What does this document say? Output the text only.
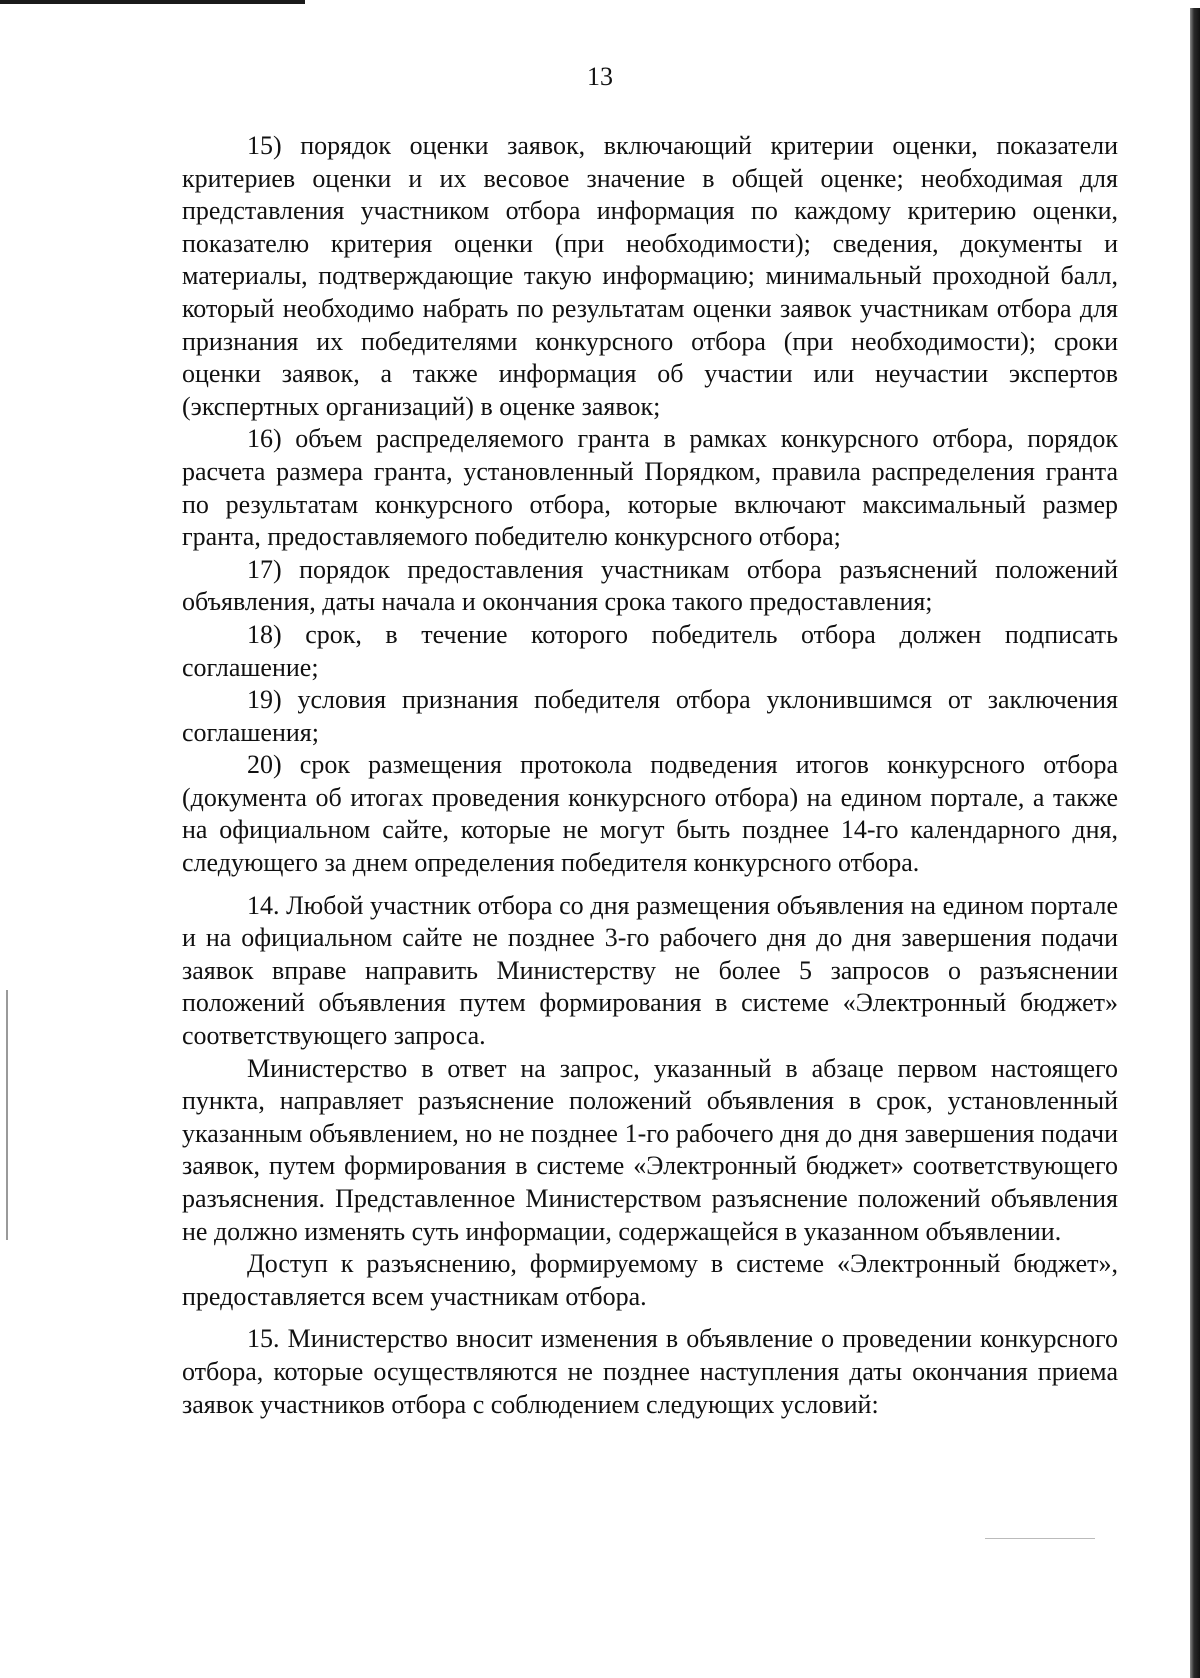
13

15) порядок оценки заявок, включающий критерии оценки, показатели критериев оценки и их весовое значение в общей оценке; необходимая для представления участником отбора информация по каждому критерию оценки, показателю критерия оценки (при необходимости); сведения, документы и материалы, подтверждающие такую информацию; минимальный проходной балл, который необходимо набрать по результатам оценки заявок участникам отбора для признания их победителями конкурсного отбора (при необходимости); сроки оценки заявок, а также информация об участии или неучастии экспертов (экспертных организаций) в оценке заявок;

16) объем распределяемого гранта в рамках конкурсного отбора, порядок расчета размера гранта, установленный Порядком, правила распределения гранта по результатам конкурсного отбора, которые включают максимальный размер гранта, предоставляемого победителю конкурсного отбора;

17) порядок предоставления участникам отбора разъяснений положений объявления, даты начала и окончания срока такого предоставления;

18) срок, в течение которого победитель отбора должен подписать соглашение;

19) условия признания победителя отбора уклонившимся от заключения соглашения;

20) срок размещения протокола подведения итогов конкурсного отбора (документа об итогах проведения конкурсного отбора) на едином портале, а также на официальном сайте, которые не могут быть позднее 14-го календарного дня, следующего за днем определения победителя конкурсного отбора.

14. Любой участник отбора со дня размещения объявления на едином портале и на официальном сайте не позднее 3-го рабочего дня до дня завершения подачи заявок вправе направить Министерству не более 5 запросов о разъяснении положений объявления путем формирования в системе «Электронный бюджет» соответствующего запроса.

Министерство в ответ на запрос, указанный в абзаце первом настоящего пункта, направляет разъяснение положений объявления в срок, установленный указанным объявлением, но не позднее 1-го рабочего дня до дня завершения подачи заявок, путем формирования в системе «Электронный бюджет» соответствующего разъяснения. Представленное Министерством разъяснение положений объявления не должно изменять суть информации, содержащейся в указанном объявлении.

Доступ к разъяснению, формируемому в системе «Электронный бюджет», предоставляется всем участникам отбора.

15. Министерство вносит изменения в объявление о проведении конкурсного отбора, которые осуществляются не позднее наступления даты окончания приема заявок участников отбора с соблюдением следующих условий:
